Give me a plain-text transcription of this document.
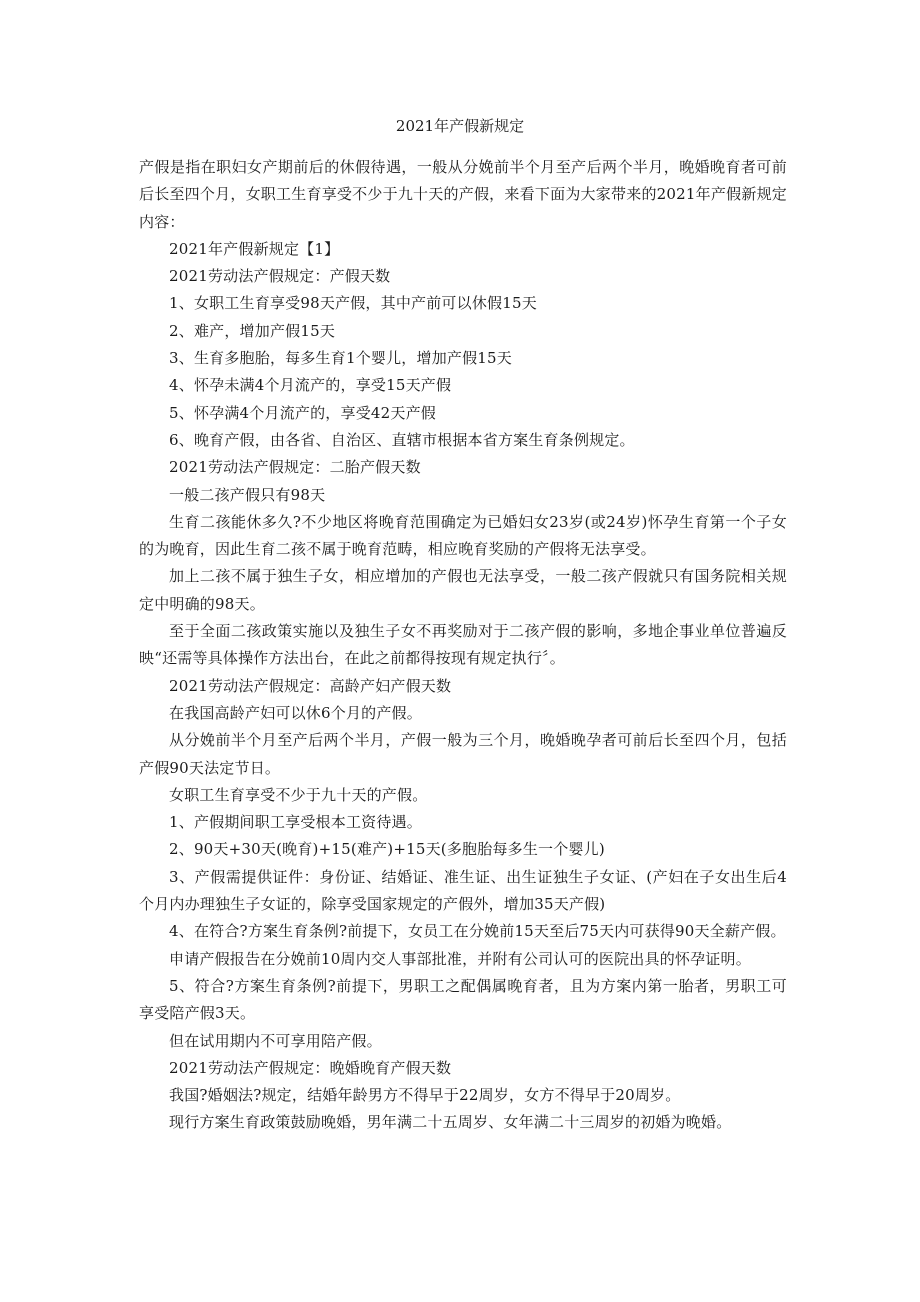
2021年产假新规定

产假是指在职妇女产期前后的休假待遇，一般从分娩前半个月至产后两个半月，晚婚晚育者可前后长至四个月，女职工生育享受不少于九十天的产假，来看下面为大家带来的2021年产假新规定内容：

2021年产假新规定【1】

2021劳动法产假规定：产假天数

1、女职工生育享受98天产假，其中产前可以休假15天

2、难产，增加产假15天

3、生育多胞胎，每多生育1个婴儿，增加产假15天

4、怀孕未满4个月流产的，享受15天产假

5、怀孕满4个月流产的，享受42天产假

6、晚育产假，由各省、自治区、直辖市根据本省方案生育条例规定。

2021劳动法产假规定：二胎产假天数

一般二孩产假只有98天

生育二孩能休多久?不少地区将晚育范围确定为已婚妇女23岁(或24岁)怀孕生育第一个子女的为晚育，因此生育二孩不属于晚育范畴，相应晚育奖励的产假将无法享受。

加上二孩不属于独生子女，相应增加的产假也无法享受，一般二孩产假就只有国务院相关规定中明确的98天。

至于全面二孩政策实施以及独生子女不再奖励对于二孩产假的影响，多地企事业单位普遍反映“还需等具体操作方法出台，在此之前都得按现有规定执行〞。

2021劳动法产假规定：高龄产妇产假天数

在我国高龄产妇可以休6个月的产假。

从分娩前半个月至产后两个半月，产假一般为三个月，晚婚晚孕者可前后长至四个月，包括产假90天法定节日。

女职工生育享受不少于九十天的产假。

1、产假期间职工享受根本工资待遇。

2、90天+30天(晚育)+15(难产)+15天(多胞胎每多生一个婴儿)

3、产假需提供证件：身份证、结婚证、准生证、出生证独生子女证、(产妇在子女出生后4个月内办理独生子女证的，除享受国家规定的产假外，增加35天产假)

4、在符合?方案生育条例?前提下，女员工在分娩前15天至后75天内可获得90天全薪产假。

申请产假报告在分娩前10周内交人事部批准，并附有公司认可的医院出具的怀孕证明。

5、符合?方案生育条例?前提下，男职工之配偶属晚育者，且为方案内第一胎者，男职工可享受陪产假3天。

但在试用期内不可享用陪产假。

2021劳动法产假规定：晚婚晚育产假天数

我国?婚姻法?规定，结婚年龄男方不得早于22周岁，女方不得早于20周岁。

现行方案生育政策鼓励晚婚，男年满二十五周岁、女年满二十三周岁的初婚为晚婚。
